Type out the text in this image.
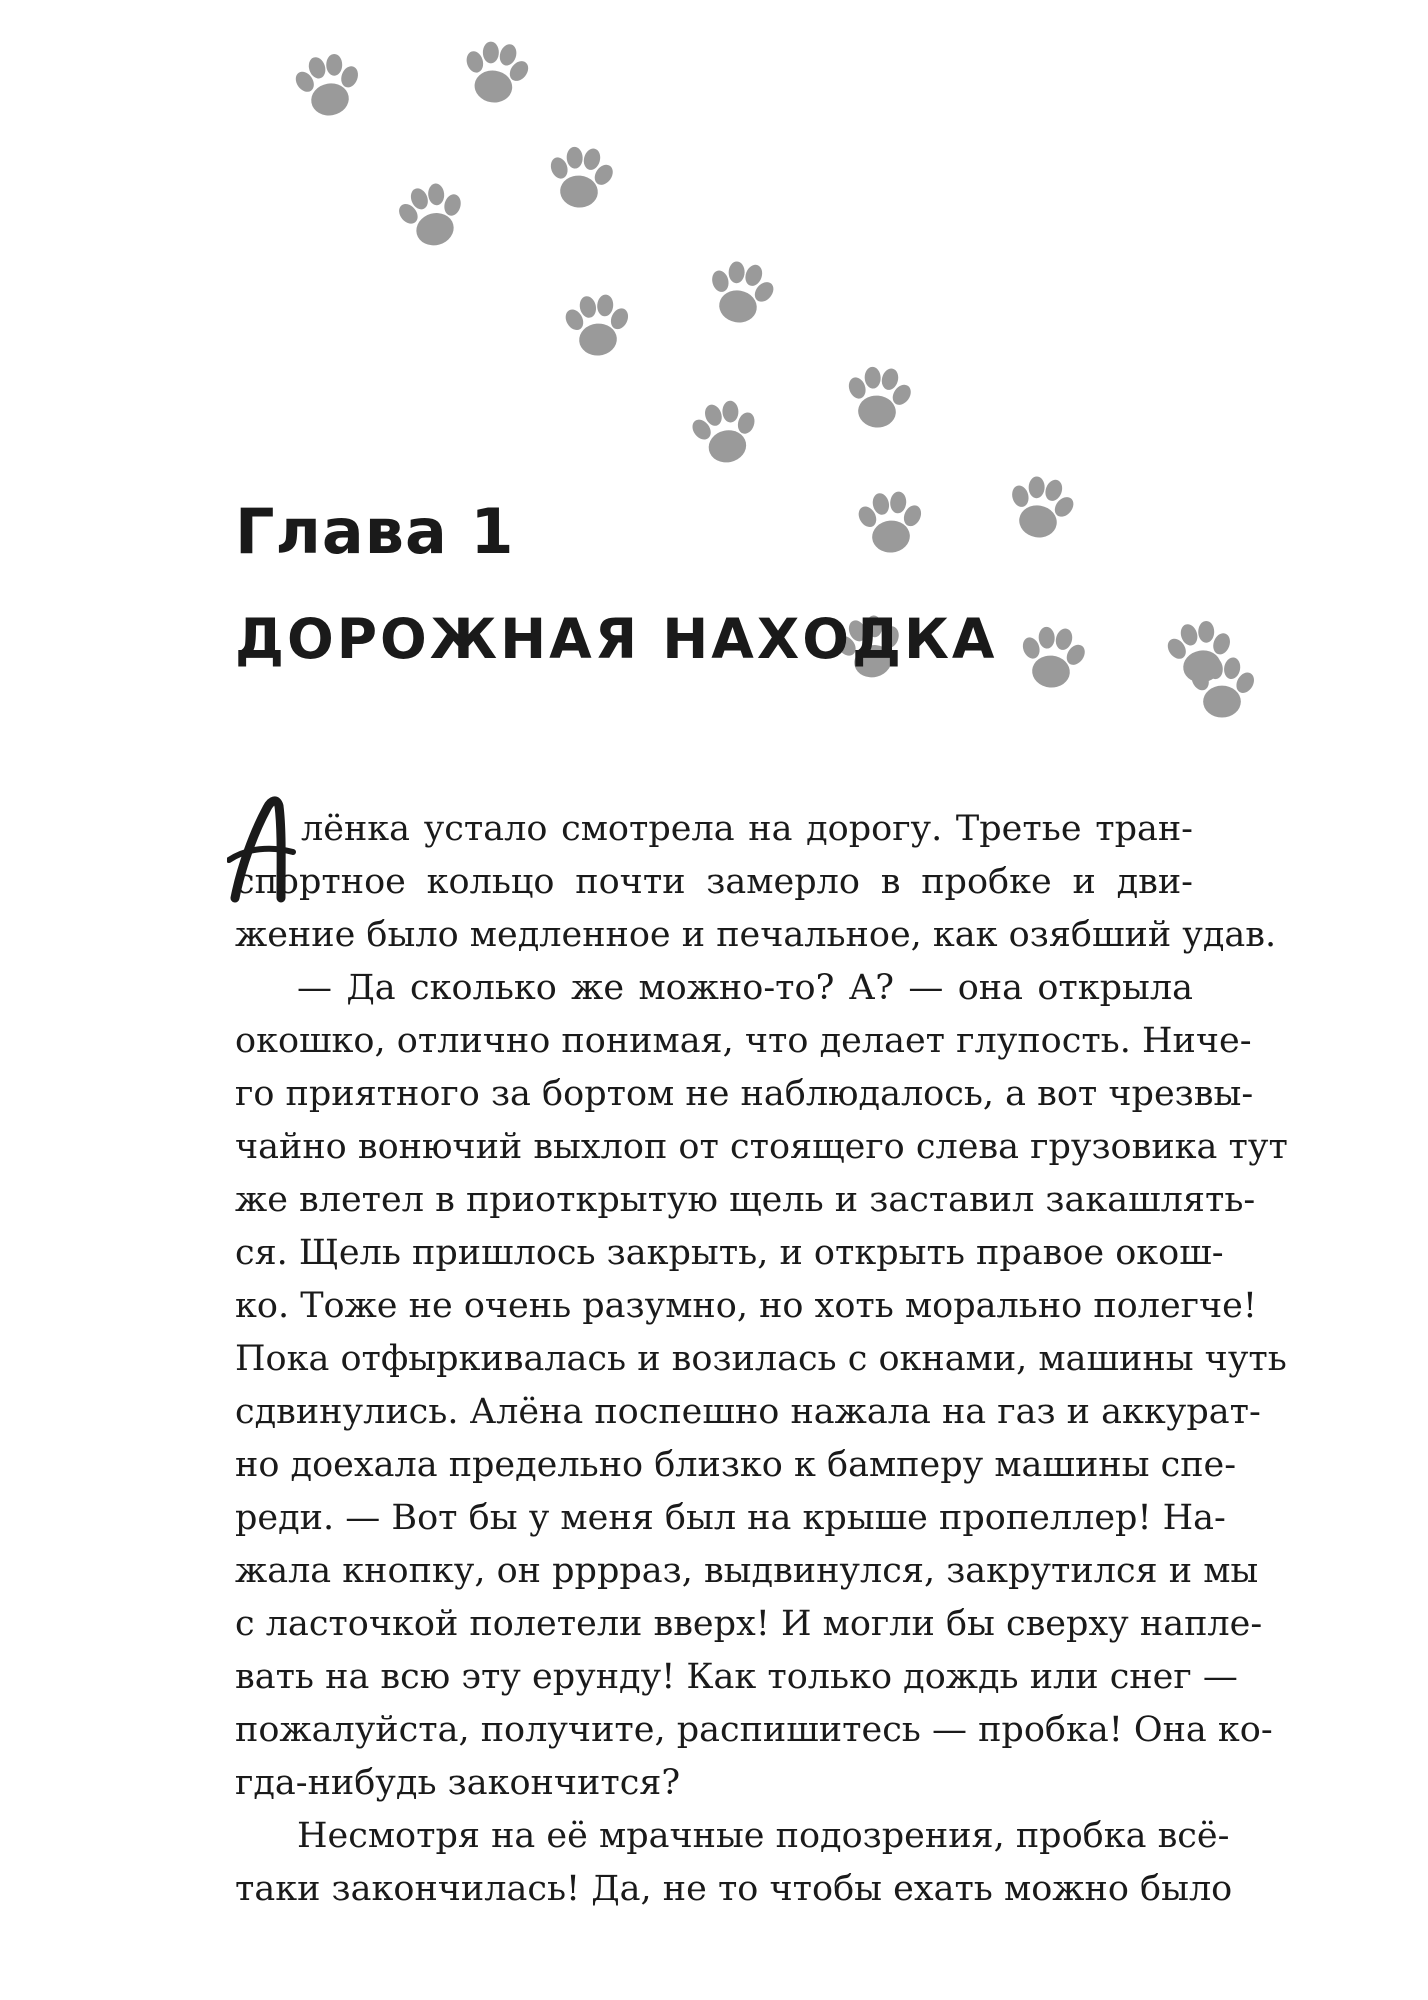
Глава 1
ДОРОЖНАЯ НАХОДКА
лёнка устало смотрела на дорогу. Третье тран-
спортное кольцо почти замерло в пробке и дви-
жение было медленное и печальное, как озябший удав.
— Да сколько же можно-то? А? — она открыла
окошко, отлично понимая, что делает глупость. Ниче-
го приятного за бортом не наблюдалось, а вот чрезвы-
чайно вонючий выхлоп от стоящего слева грузовика тут
же влетел в приоткрытую щель и заставил закашлять-
ся. Щель пришлось закрыть, и открыть правое окош-
ко. Тоже не очень разумно, но хоть морально полегче!
Пока отфыркивалась и возилась с окнами, машины чуть
сдвинулись. Алёна поспешно нажала на газ и аккурат-
но доехала предельно близко к бамперу машины спе-
реди. — Вот бы у меня был на крыше пропеллер! На-
жала кнопку, он ррррaз, выдвинулся, закрутился и мы
с ласточкой полетели вверх! И могли бы сверху напле-
вать на всю эту ерунду! Как только дождь или снег —
пожалуйста, получите, распишитесь — пробка! Она ко-
гда-нибудь закончится?
Несмотря на её мрачные подозрения, пробка всё-
таки закончилась! Да, не то чтобы ехать можно было
